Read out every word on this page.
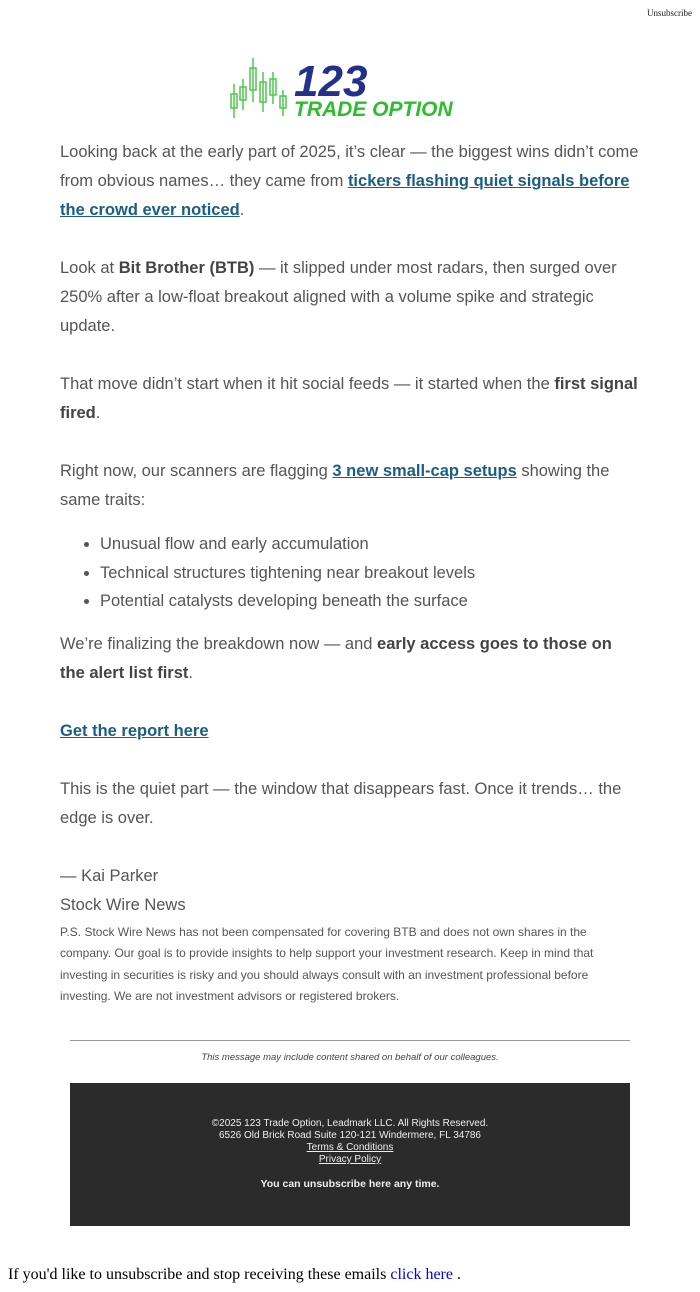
Unsubscribe
123
TRADE OPTION

Looking back at the early part of 2025, it’s clear — the biggest wins didn’t come from obvious names… they came from tickers flashing quiet signals before the crowd ever noticed.

Look at Bit Brother (BTB) — it slipped under most radars, then surged over 250% after a low-float breakout aligned with a volume spike and strategic update.

That move didn’t start when it hit social feeds — it started when the first signal fired.

Right now, our scanners are flagging 3 new small-cap setups showing the same traits:

• Unusual flow and early accumulation
• Technical structures tightening near breakout levels
• Potential catalysts developing beneath the surface

We’re finalizing the breakdown now — and early access goes to those on the alert list first.

Get the report here

This is the quiet part — the window that disappears fast. Once it trends… the edge is over.

— Kai Parker

Stock Wire News

P.S. Stock Wire News has not been compensated for covering BTB and does not own shares in the company. Our goal is to provide insights to help support your investment research. Keep in mind that investing in securities is risky and you should always consult with an investment professional before investing. We are not investment advisors or registered brokers.

This message may include content shared on behalf of our colleagues.
©2025 123 Trade Option, Leadmark LLC. All Rights Reserved.
6526 Old Brick Road Suite 120-121 Windermere, FL 34786
Terms & Conditions
Privacy Policy
You can unsubscribe here any time.
If you'd like to unsubscribe and stop receiving these emails click here .
